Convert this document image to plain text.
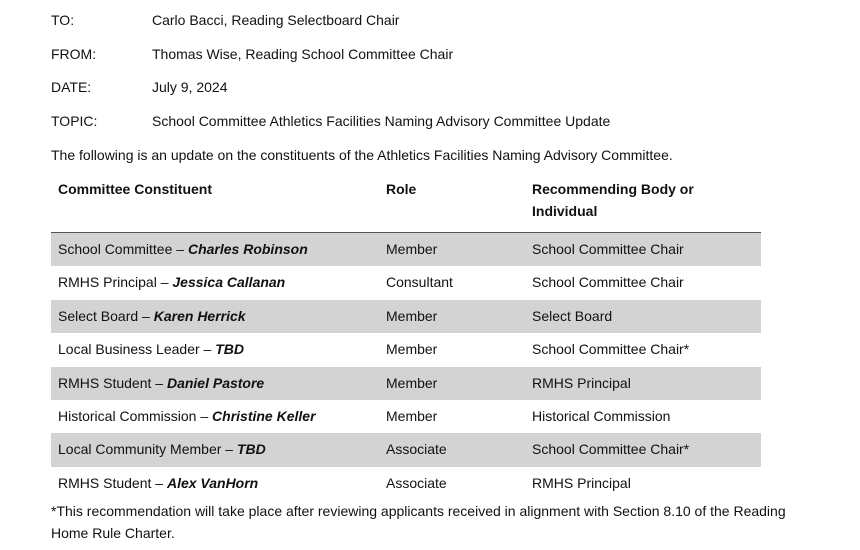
TO:	Carlo Bacci, Reading Selectboard Chair
FROM:	Thomas Wise, Reading School Committee Chair
DATE:	July 9, 2024
TOPIC:	School Committee Athletics Facilities Naming Advisory Committee Update
The following is an update on the constituents of the Athletics Facilities Naming Advisory Committee.
Committee Constituent	Role	Recommending Body or Individual
School Committee – Charles Robinson	Member	School Committee Chair
RMHS Principal – Jessica Callanan	Consultant	School Committee Chair
Select Board – Karen Herrick	Member	Select Board
Local Business Leader – TBD	Member	School Committee Chair*
RMHS Student – Daniel Pastore	Member	RMHS Principal
Historical Commission – Christine Keller	Member	Historical Commission
Local Community Member – TBD	Associate	School Committee Chair*
RMHS Student – Alex VanHorn	Associate	RMHS Principal
*This recommendation will take place after reviewing applicants received in alignment with Section 8.10 of the Reading Home Rule Charter.
